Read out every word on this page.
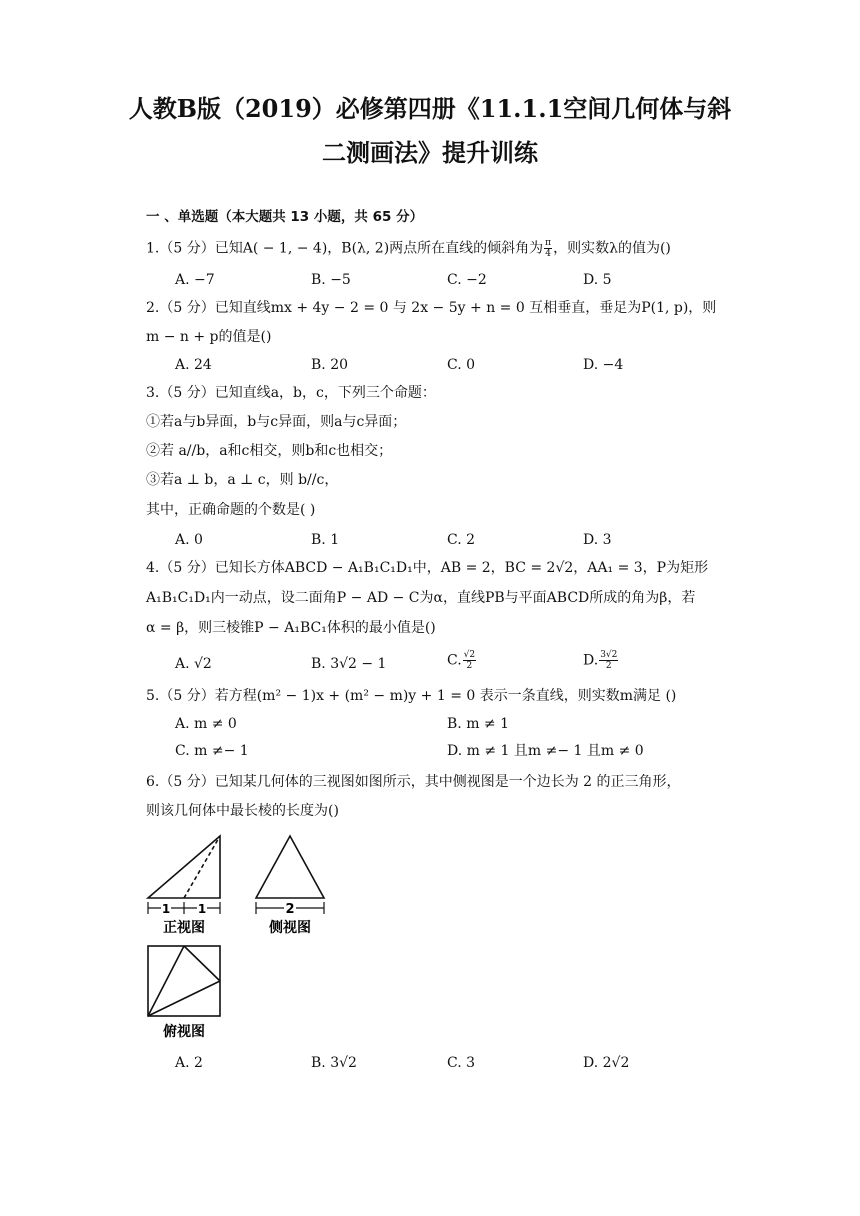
人教B版（2019）必修第四册《11.1.1空间几何体与斜
二测画法》提升训练
一 、单选题（本大题共 13 小题，共 65 分）
1.（5 分）已知A( − 1, − 4)，B(λ, 2)两点所在直线的倾斜角为 $\frac{\pi}{4}$ ，则实数λ的值为()
A. −7	B. −5	C. −2	D. 5
2.（5 分）已知直线mx + 4y − 2 = 0 与 2x − 5y + n = 0 互相垂直，垂足为P(1, p)，则
m − n + p的值是()
A. 24	B. 20	C. 0	D. −4
3.（5 分）已知直线a，b，c，下列三个命题：
①若a与b异面，b与c异面，则a与c异面；
②若 a//b，a和c相交，则b和c也相交；
③若a ⊥ b，a ⊥ c，则 b//c，
其中，正确命题的个数是( )
A. 0	B. 1	C. 2	D. 3
4.（5 分）已知长方体ABCD − A₁B₁C₁D₁中，AB = 2，BC = 2√2，AA₁ = 3，P为矩形
A₁B₁C₁D₁内一动点，设二面角P − AD − C为α，直线PB与平面ABCD所成的角为β，若
α = β，则三棱锥P − A₁BC₁体积的最小值是()
A. √2	B. 3√2 − 1	C. $\frac{√2}{2}$	D. $\frac{3√2}{2}$
5.（5 分）若方程(m² − 1)x + (m² − m)y + 1 = 0 表示一条直线，则实数m满足 ()
A. m ≠ 0	B. m ≠ 1
C. m ≠− 1	D. m ≠ 1 且m ≠− 1 且m ≠ 0
6.（5 分）已知某几何体的三视图如图所示，其中侧视图是一个边长为 2 的正三角形，
则该几何体中最长棱的长度为()
1 1
正视图
2
侧视图
俯视图
A. 2	B. 3√2	C. 3	D. 2√2
